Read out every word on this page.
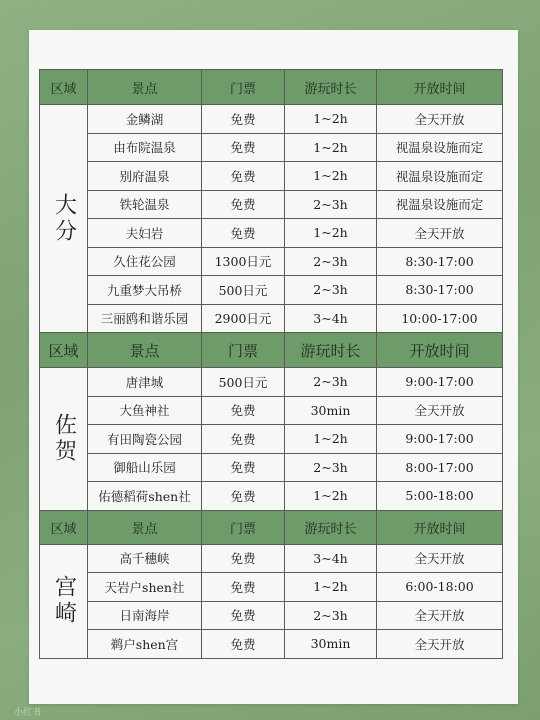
区域	景点	门票	游玩时长	开放时间
大分	金鳞湖	免费	1~2h	全天开放
	由布院温泉	免费	1~2h	视温泉设施而定
	别府温泉	免费	1~2h	视温泉设施而定
	铁轮温泉	免费	2~3h	视温泉设施而定
	夫妇岩	免费	1~2h	全天开放
	久住花公园	1300日元	2~3h	8:30-17:00
	九重梦大吊桥	500日元	2~3h	8:30-17:00
	三丽鸥和谐乐园	2900日元	3~4h	10:00-17:00
区域	景点	门票	游玩时长	开放时间
佐贺	唐津城	500日元	2~3h	9:00-17:00
	大鱼神社	免费	30min	全天开放
	有田陶瓷公园	免费	1~2h	9:00-17:00
	御船山乐园	免费	2~3h	8:00-17:00
	佑德稻荷shen社	免费	1~2h	5:00-18:00
区域	景点	门票	游玩时长	开放时间
宫崎	高千穗峡	免费	3~4h	全天开放
	天岩户shen社	免费	1~2h	6:00-18:00
	日南海岸	免费	2~3h	全天开放
	鹈户shen宫	免费	30min	全天开放
小红书
